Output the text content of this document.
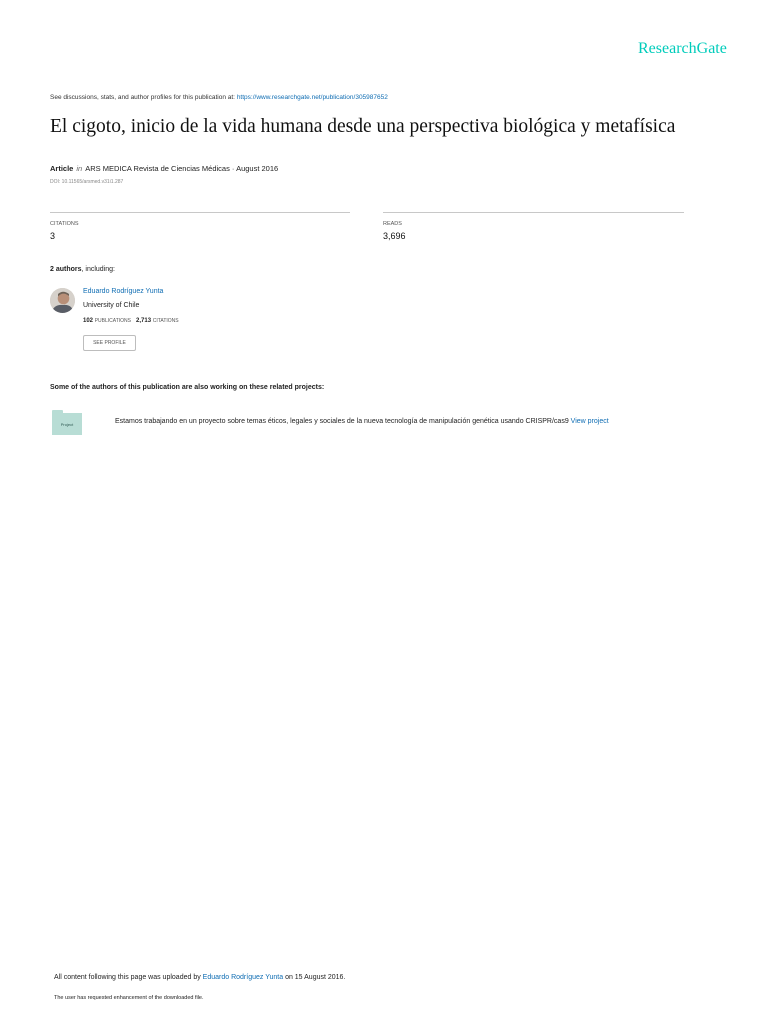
ResearchGate
See discussions, stats, and author profiles for this publication at: https://www.researchgate.net/publication/305987652
El cigoto, inicio de la vida humana desde una perspectiva biológica y metafísica
Article in ARS MEDICA Revista de Ciencias Médicas · August 2016
DOI: 10.11565/arsmed.v31i1.287
CITATIONS
3
READS
3,696
2 authors, including:
Eduardo Rodríguez Yunta
University of Chile
102 PUBLICATIONS 2,713 CITATIONS
SEE PROFILE
Some of the authors of this publication are also working on these related projects:
Project	Estamos trabajando en un proyecto sobre temas éticos, legales y sociales de la nueva tecnología de manipulación genética usando CRISPR/cas9 View project
All content following this page was uploaded by Eduardo Rodríguez Yunta on 15 August 2016.
The user has requested enhancement of the downloaded file.
